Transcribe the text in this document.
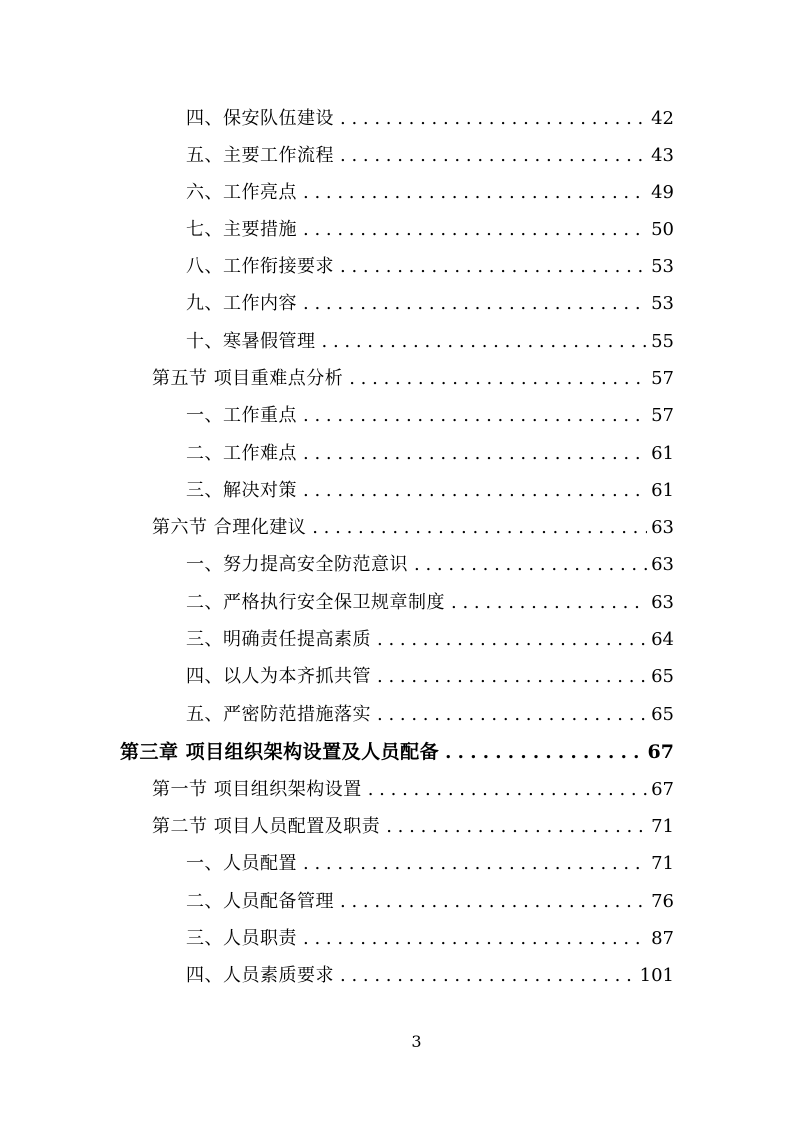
四、保安队伍建设 . . .	42
五、主要工作流程 . . .	43
六、工作亮点 . . .	49
七、主要措施 . . .	50
八、工作衔接要求 . . .	53
九、工作内容 . . .	53
十、寒暑假管理 . . .	55
第五节 项目重难点分析 . . .	57
一、工作重点 . . .	57
二、工作难点 . . .	61
三、解决对策 . . .	61
第六节 合理化建议 . . .	63
一、努力提高安全防范意识 . . .	63
二、严格执行安全保卫规章制度 . . .	63
三、明确责任提高素质 . . .	64
四、以人为本齐抓共管 . . .	65
五、严密防范措施落实 . . .	65
第三章 项目组织架构设置及人员配备 . . .	67
第一节 项目组织架构设置 . . .	67
第二节 项目人员配置及职责 . . .	71
一、人员配置 . . .	71
二、人员配备管理 . . .	76
三、人员职责 . . .	87
四、人员素质要求 . . .	101
3
